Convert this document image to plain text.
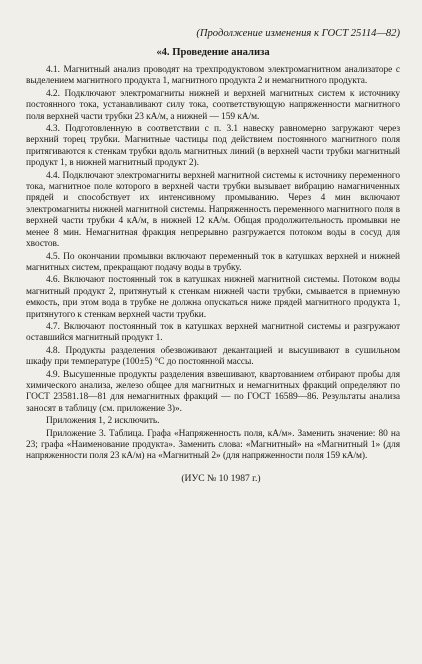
(Продолжение изменения к ГОСТ 25114—82)
«4. Проведение анализа

4.1. Магнитный анализ проводят на трехпродуктовом электромагнитном анализаторе с выделением магнитного продукта 1, магнитного продукта 2 и немагнитного продукта.

4.2. Подключают электромагниты нижней и верхней магнитных систем к источнику постоянного тока, устанавливают силу тока, соответствующую напряженности магнитного поля верхней части трубки 23 кА/м, а нижней — 159 кА/м.

4.3. Подготовленную в соответствии с п. 3.1 навеску равномерно загружают через верхний торец трубки. Магнитные частицы под действием постоянного магнитного поля притягиваются к стенкам трубки вдоль магнитных линий (в верхней части трубки магнитный продукт 1, в нижней магнитный продукт 2).

4.4. Подключают электромагниты верхней магнитной системы к источнику переменного тока, магнитное поле которого в верхней части трубки вызывает вибрацию намагниченных прядей и способствует их интенсивному промыванию. Через 4 мин включают электромагниты нижней магнитной системы. Напряженность переменного магнитного поля в верхней части трубки 4 кА/м, в нижней 12 кА/м. Общая продолжительность промывки не менее 8 мин. Немагнитная фракция непрерывно разгружается потоком воды в сосуд для хвостов.

4.5. По окончании промывки включают переменный ток в катушках верхней и нижней магнитных систем, прекращают подачу воды в трубку.

4.6. Включают постоянный ток в катушках нижней магнитной системы. Потоком воды магнитный продукт 2, притянутый к стенкам нижней части трубки, смывается в приемную емкость, при этом вода в трубке не должна опускаться ниже прядей магнитного продукта 1, притянутого к стенкам верхней части трубки.

4.7. Включают постоянный ток в катушках верхней магнитной системы и разгружают оставшийся магнитный продукт 1.

4.8. Продукты разделения обезвоживают декантацией и высушивают в сушильном шкафу при температуре (100±5) °С до постоянной массы.

4.9. Высушенные продукты разделения взвешивают, квартованием отбирают пробы для химического анализа, железо общее для магнитных и немагнитных фракций определяют по ГОСТ 23581.18—81 для немагнитных фракций — по ГОСТ 16589—86. Результаты анализа заносят в таблицу (см. приложение 3)».

Приложения 1, 2 исключить.

Приложение 3. Таблица. Графа «Напряженность поля, кА/м». Заменить значение: 80 на 23; графа «Наименование продукта». Заменить слова: «Магнитный» на «Магнитный 1» (для напряженности поля 23 кА/м) на «Магнитный 2» (для напряженности поля 159 кА/м).

(ИУС № 10 1987 г.)
